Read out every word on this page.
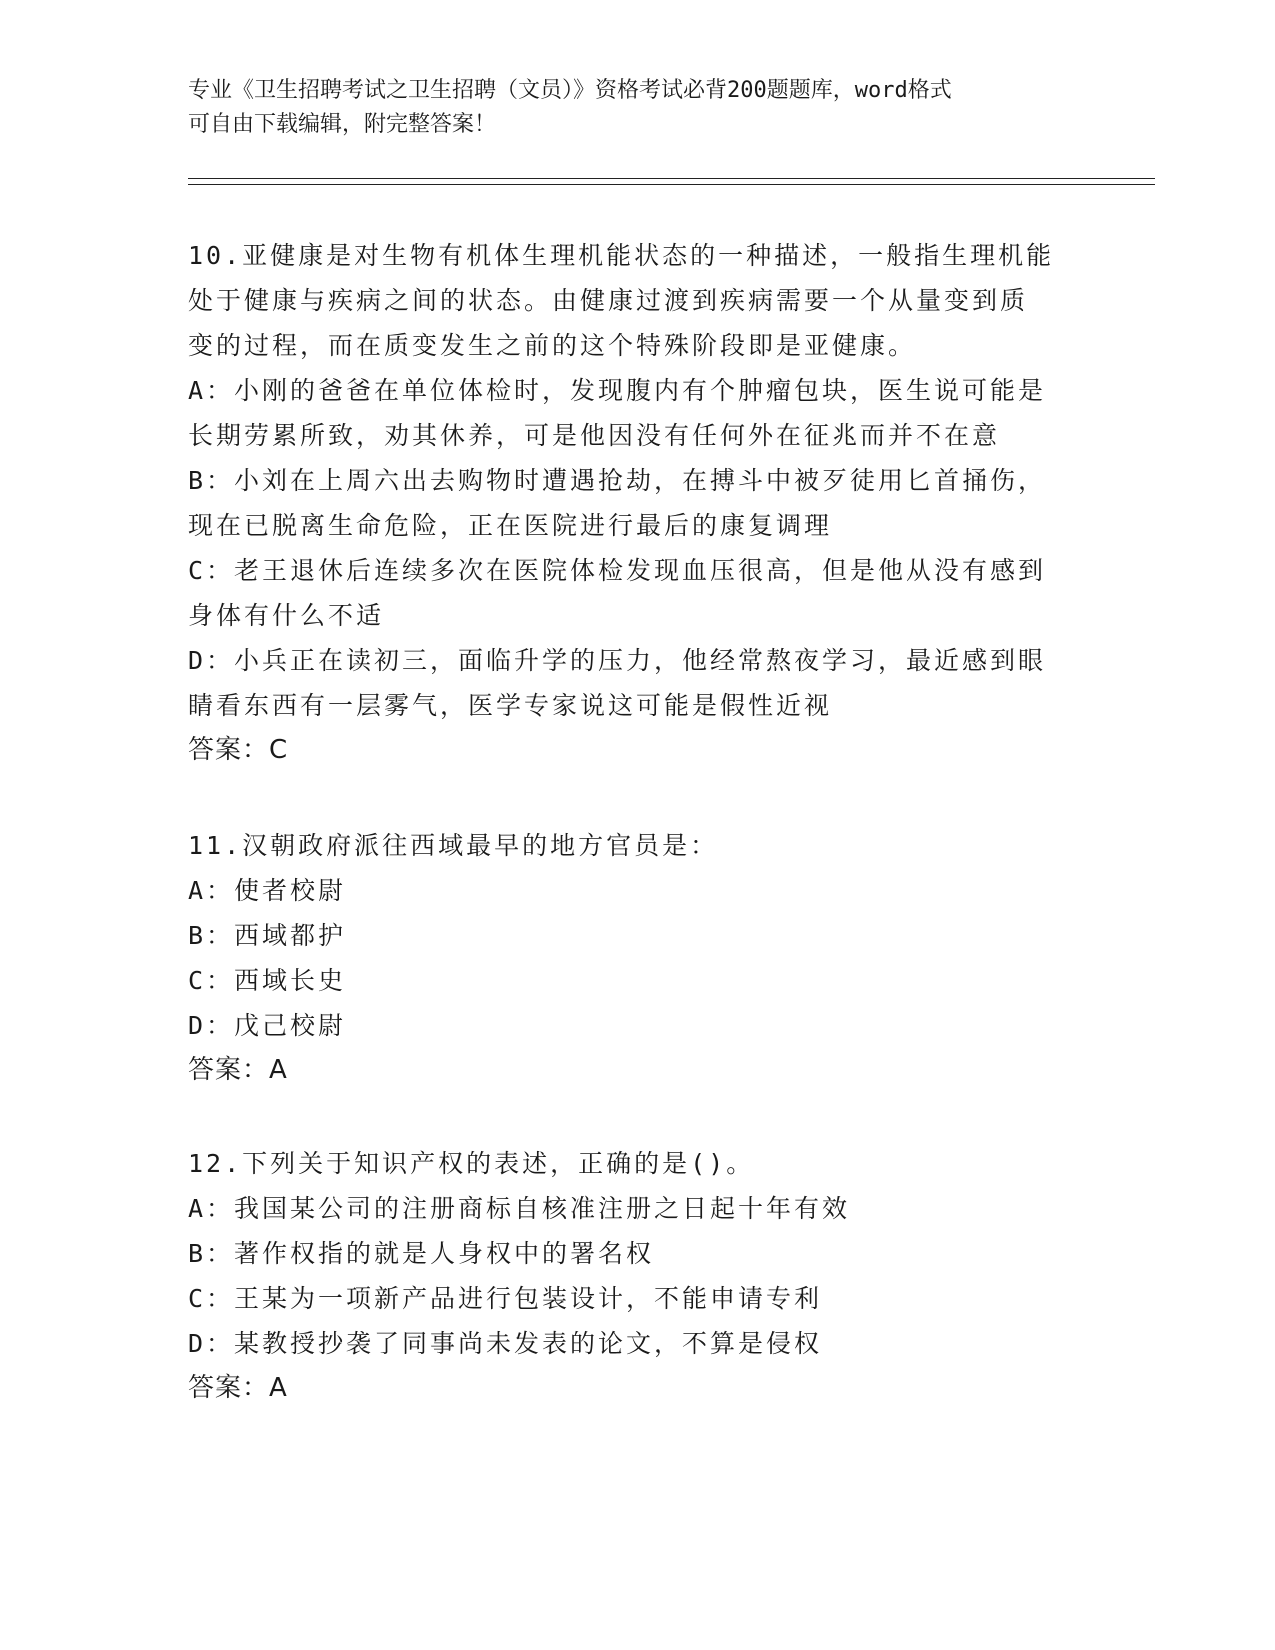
专业《卫生招聘考试之卫生招聘（文员）》资格考试必背200题题库，word格式
可自由下载编辑，附完整答案！
10.亚健康是对生物有机体生理机能状态的一种描述，一般指生理机能
处于健康与疾病之间的状态。由健康过渡到疾病需要一个从量变到质
变的过程，而在质变发生之前的这个特殊阶段即是亚健康。
A：小刚的爸爸在单位体检时，发现腹内有个肿瘤包块，医生说可能是
长期劳累所致，劝其休养，可是他因没有任何外在征兆而并不在意
B：小刘在上周六出去购物时遭遇抢劫，在搏斗中被歹徒用匕首捅伤，
现在已脱离生命危险，正在医院进行最后的康复调理
C：老王退休后连续多次在医院体检发现血压很高，但是他从没有感到
身体有什么不适
D：小兵正在读初三，面临升学的压力，他经常熬夜学习，最近感到眼
睛看东西有一层雾气，医学专家说这可能是假性近视
答案：C
11.汉朝政府派往西域最早的地方官员是：
A：使者校尉
B：西域都护
C：西域长史
D：戊己校尉
答案：A
12.下列关于知识产权的表述，正确的是()。
A：我国某公司的注册商标自核准注册之日起十年有效
B：著作权指的就是人身权中的署名权
C：王某为一项新产品进行包装设计，不能申请专利
D：某教授抄袭了同事尚未发表的论文，不算是侵权
答案：A
